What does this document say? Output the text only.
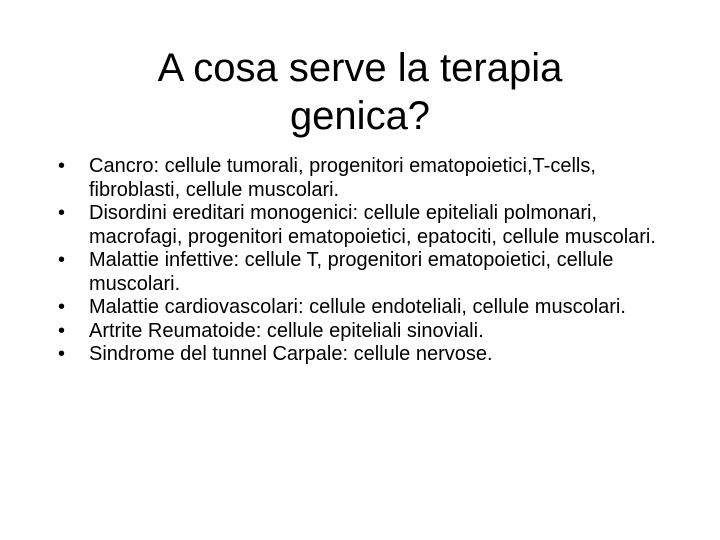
A cosa serve la terapia genica?
• Cancro: cellule tumorali, progenitori ematopoietici,T-cells, fibroblasti, cellule muscolari.
• Disordini ereditari monogenici: cellule epiteliali polmonari, macrofagi, progenitori ematopoietici, epatociti, cellule muscolari.
• Malattie infettive: cellule T, progenitori ematopoietici, cellule muscolari.
• Malattie cardiovascolari: cellule endoteliali, cellule muscolari.
• Artrite Reumatoide: cellule epiteliali sinoviali.
• Sindrome del tunnel Carpale: cellule nervose.
